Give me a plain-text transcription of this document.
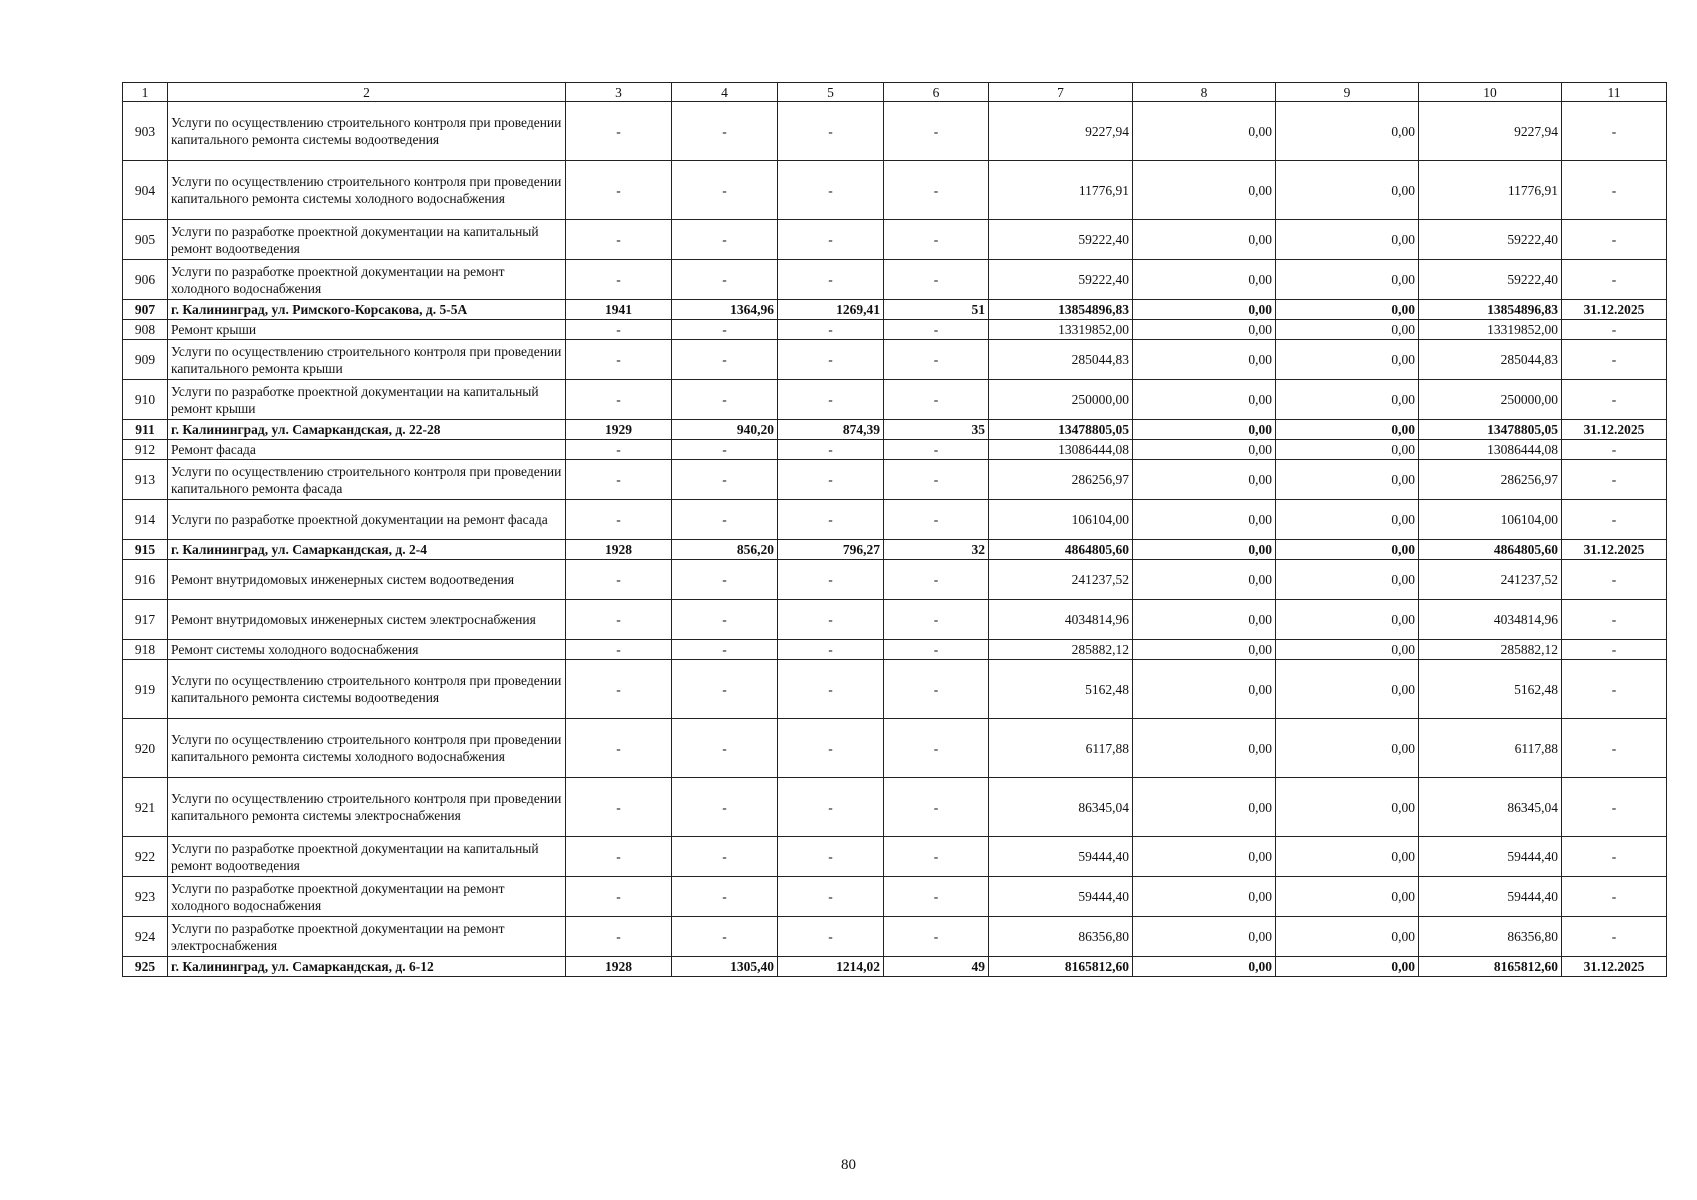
1	2	3	4	5	6	7	8	9	10	11
903	Услуги по осуществлению строительного контроля при проведении капитального ремонта системы водоотведения	-	-	-	-	9227,94	0,00	0,00	9227,94	-
904	Услуги по осуществлению строительного контроля при проведении капитального ремонта системы холодного водоснабжения	-	-	-	-	11776,91	0,00	0,00	11776,91	-
905	Услуги по разработке проектной документации на капитальный ремонт водоотведения	-	-	-	-	59222,40	0,00	0,00	59222,40	-
906	Услуги по разработке проектной документации на ремонт холодного водоснабжения	-	-	-	-	59222,40	0,00	0,00	59222,40	-
907	г. Калининград, ул. Римского-Корсакова, д. 5-5А	1941	1364,96	1269,41	51	13854896,83	0,00	0,00	13854896,83	31.12.2025
908	Ремонт крыши	-	-	-	-	13319852,00	0,00	0,00	13319852,00	-
909	Услуги по осуществлению строительного контроля при проведении капитального ремонта крыши	-	-	-	-	285044,83	0,00	0,00	285044,83	-
910	Услуги по разработке проектной документации на капитальный ремонт крыши	-	-	-	-	250000,00	0,00	0,00	250000,00	-
911	г. Калининград, ул. Самаркандская, д. 22-28	1929	940,20	874,39	35	13478805,05	0,00	0,00	13478805,05	31.12.2025
912	Ремонт фасада	-	-	-	-	13086444,08	0,00	0,00	13086444,08	-
913	Услуги по осуществлению строительного контроля при проведении капитального ремонта фасада	-	-	-	-	286256,97	0,00	0,00	286256,97	-
914	Услуги по разработке проектной документации на ремонт фасада	-	-	-	-	106104,00	0,00	0,00	106104,00	-
915	г. Калининград, ул. Самаркандская, д. 2-4	1928	856,20	796,27	32	4864805,60	0,00	0,00	4864805,60	31.12.2025
916	Ремонт внутридомовых инженерных систем водоотведения	-	-	-	-	241237,52	0,00	0,00	241237,52	-
917	Ремонт внутридомовых инженерных систем электроснабжения	-	-	-	-	4034814,96	0,00	0,00	4034814,96	-
918	Ремонт системы холодного водоснабжения	-	-	-	-	285882,12	0,00	0,00	285882,12	-
919	Услуги по осуществлению строительного контроля при проведении капитального ремонта системы водоотведения	-	-	-	-	5162,48	0,00	0,00	5162,48	-
920	Услуги по осуществлению строительного контроля при проведении капитального ремонта системы холодного водоснабжения	-	-	-	-	6117,88	0,00	0,00	6117,88	-
921	Услуги по осуществлению строительного контроля при проведении капитального ремонта системы электроснабжения	-	-	-	-	86345,04	0,00	0,00	86345,04	-
922	Услуги по разработке проектной документации на капитальный ремонт водоотведения	-	-	-	-	59444,40	0,00	0,00	59444,40	-
923	Услуги по разработке проектной документации на ремонт холодного водоснабжения	-	-	-	-	59444,40	0,00	0,00	59444,40	-
924	Услуги по разработке проектной документации на ремонт электроснабжения	-	-	-	-	86356,80	0,00	0,00	86356,80	-
925	г. Калининград, ул. Самаркандская, д. 6-12	1928	1305,40	1214,02	49	8165812,60	0,00	0,00	8165812,60	31.12.2025
80
